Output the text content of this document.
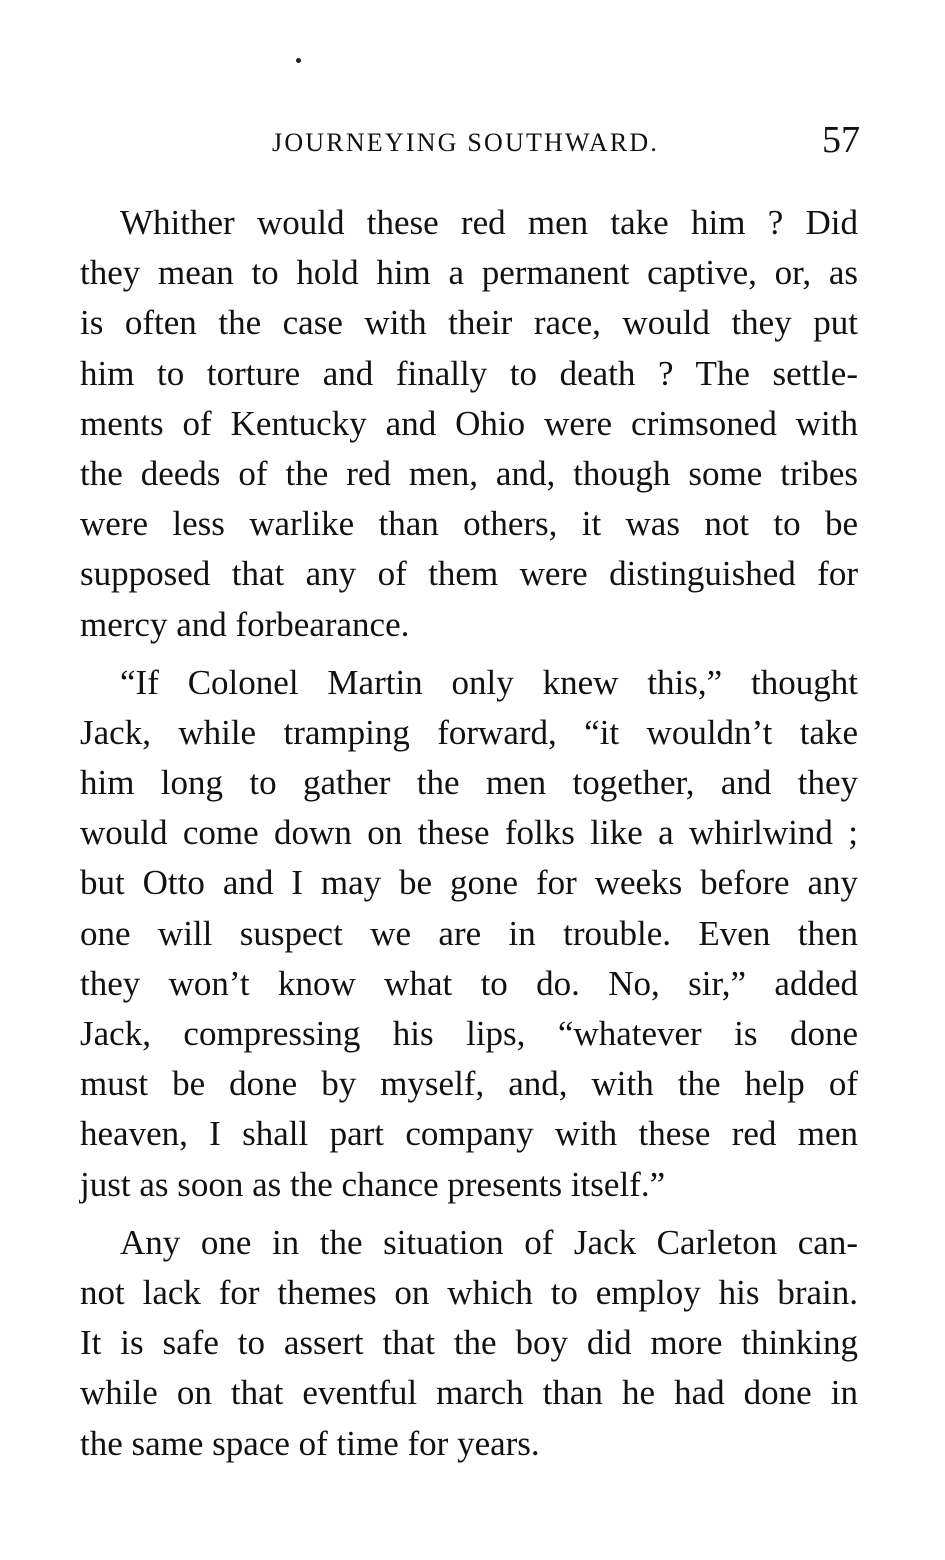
JOURNEYING SOUTHWARD.	57

Whither would these red men take him ? Did
they mean to hold him a permanent captive, or, as
is often the case with their race, would they put
him to torture and finally to death ? The settle-
ments of Kentucky and Ohio were crimsoned with
the deeds of the red men, and, though some tribes
were less warlike than others, it was not to be
supposed that any of them were distinguished for
mercy and forbearance.

“If Colonel Martin only knew this,” thought
Jack, while tramping forward, “it wouldn’t take
him long to gather the men together, and they
would come down on these folks like a whirlwind ;
but Otto and I may be gone for weeks before any
one will suspect we are in trouble. Even then
they won’t know what to do. No, sir,” added
Jack, compressing his lips, “whatever is done
must be done by myself, and, with the help of
heaven, I shall part company with these red men
just as soon as the chance presents itself.”

Any one in the situation of Jack Carleton can-
not lack for themes on which to employ his brain.
It is safe to assert that the boy did more thinking
while on that eventful march than he had done in
the same space of time for years.
